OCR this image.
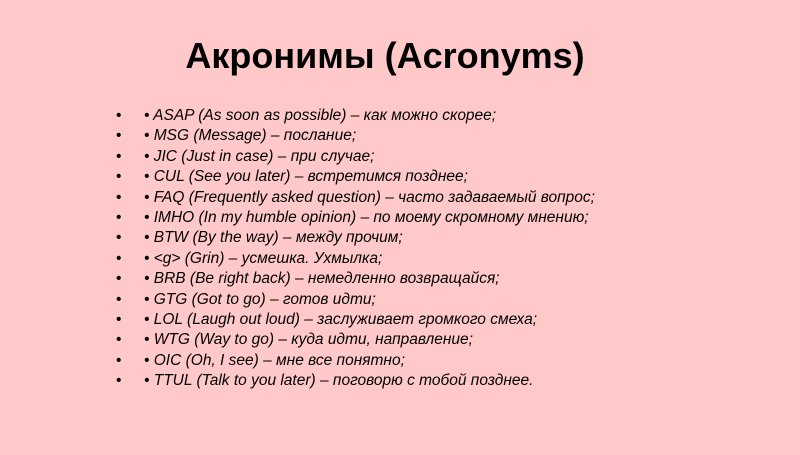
Акронимы (Acronyms)
• • ASAP (As soon as possible) – как можно скорее;
• • MSG (Message) – послание;
• • JIC (Just in case) – при случае;
• • CUL (See you later) – встретимся позднее;
• • FAQ (Frequently asked question) – часто задаваемый вопрос;
• • IMHO (In my humble opinion) – по моему скромному мнению;
• • BTW (By the way) – между прочим;
• • <g> (Grin) – усмешка. Ухмылка;
• • BRB (Be right back) – немедленно возвращайся;
• • GTG (Got to go) – готов идти;
• • LOL (Laugh out loud) – заслуживает громкого смеха;
• • WTG (Way to go) – куда идти, направление;
• • OIC (Oh, I see) – мне все понятно;
• • TTUL (Talk to you later) – поговорю с тобой позднее.
